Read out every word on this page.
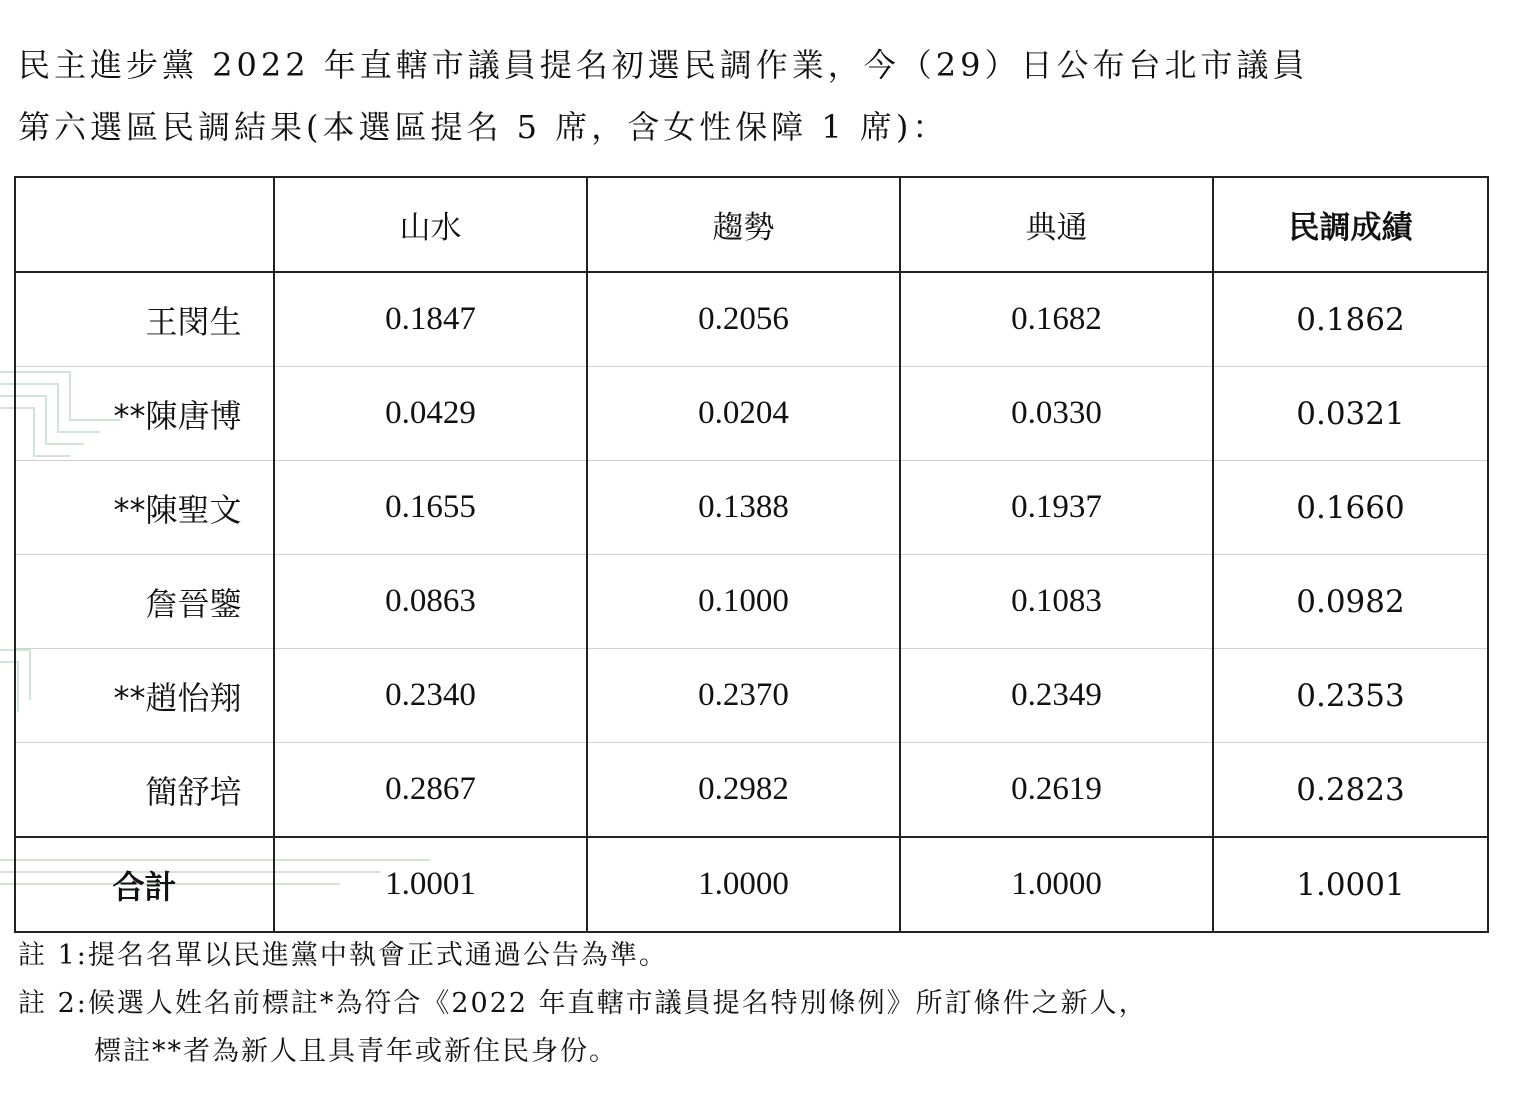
民主進步黨 2022 年直轄市議員提名初選民調作業，今（29）日公布台北市議員
第六選區民調結果(本選區提名 5 席，含女性保障 1 席)：
	山水	趨勢	典通	民調成績
王閔生	0.1847	0.2056	0.1682	0.1862
**陳唐博	0.0429	0.0204	0.0330	0.0321
**陳聖文	0.1655	0.1388	0.1937	0.1660
詹晉鑒	0.0863	0.1000	0.1083	0.0982
**趙怡翔	0.2340	0.2370	0.2349	0.2353
簡舒培	0.2867	0.2982	0.2619	0.2823
合計	1.0001	1.0000	1.0000	1.0001
註 1:提名名單以民進黨中執會正式通過公告為準。
註 2:候選人姓名前標註*為符合《2022 年直轄市議員提名特別條例》所訂條件之新人，
標註**者為新人且具青年或新住民身份。
